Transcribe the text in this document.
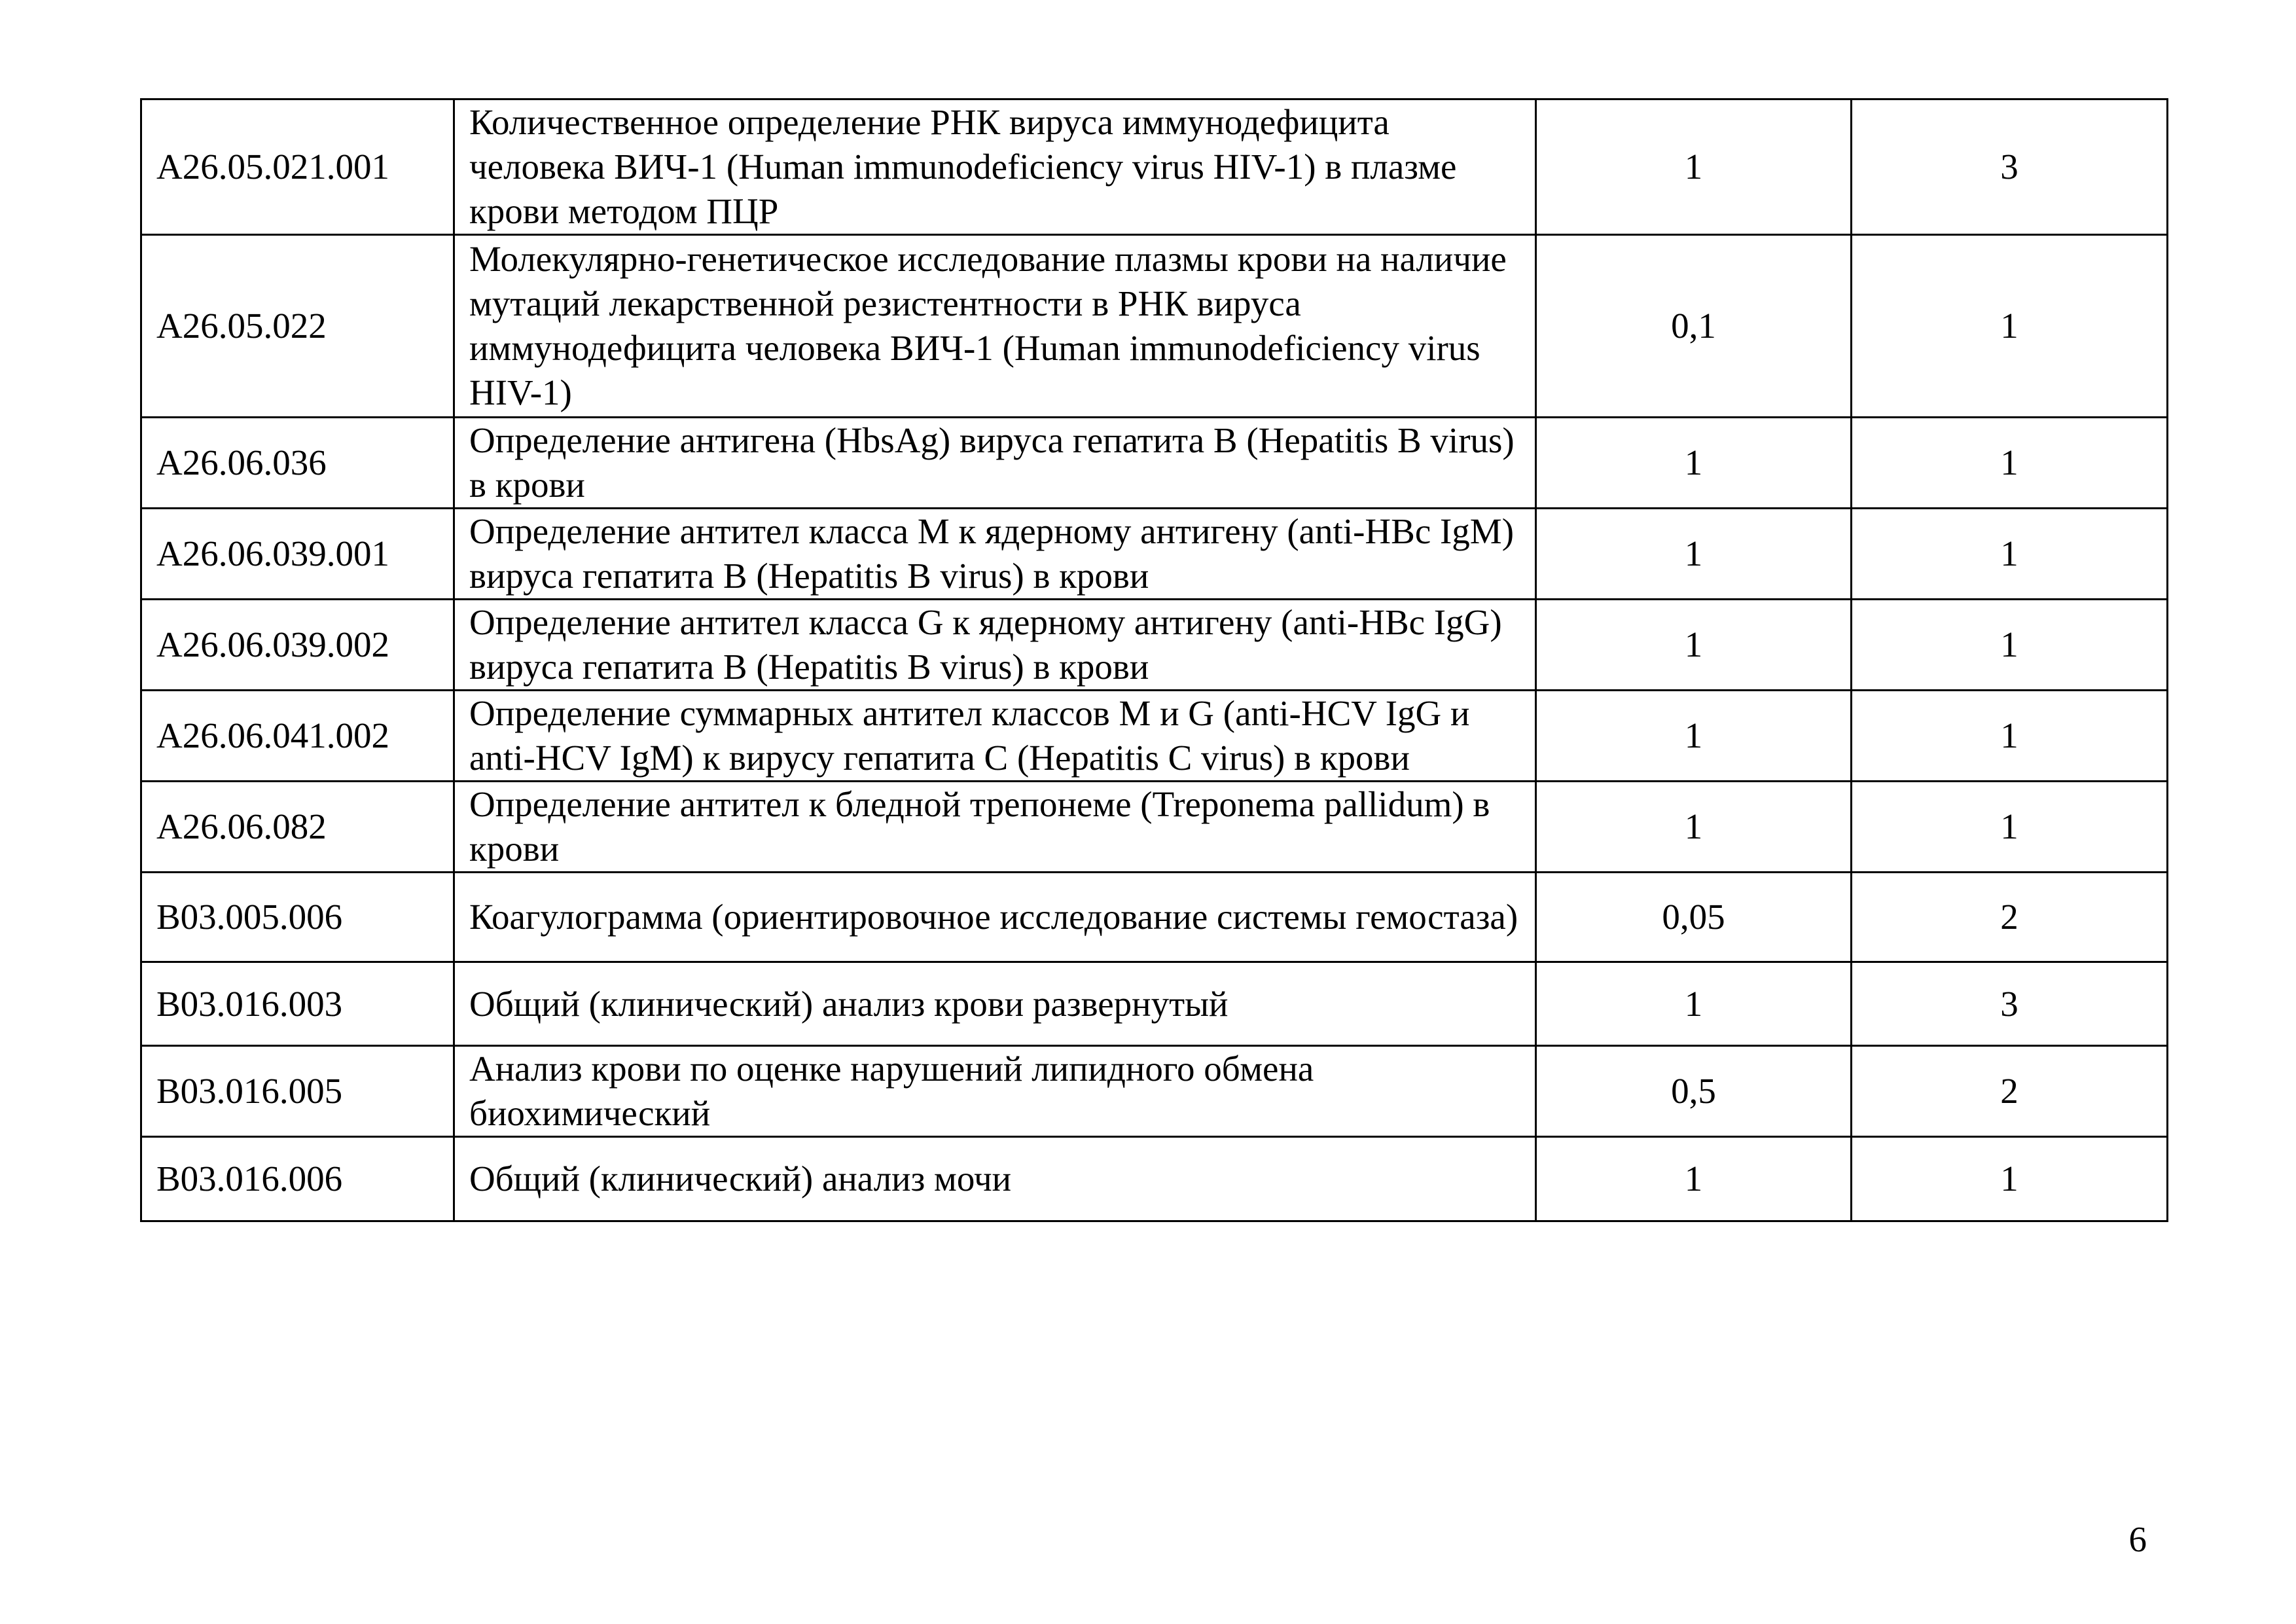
A26.05.021.001	Количественное определение РНК вируса иммунодефицита человека ВИЧ-1 (Human immunodeficiency virus HIV-1) в плазме крови методом ПЦР	1	3
A26.05.022	Молекулярно-генетическое исследование плазмы крови на наличие мутаций лекарственной резистентности в РНК вируса иммунодефицита человека ВИЧ-1 (Human immunodeficiency virus HIV-1)	0,1	1
A26.06.036	Определение антигена (HbsAg) вируса гепатита B (Hepatitis B virus) в крови	1	1
A26.06.039.001	Определение антител класса M к ядерному антигену (anti-HBc IgM) вируса гепатита B (Hepatitis B virus) в крови	1	1
A26.06.039.002	Определение антител класса G к ядерному антигену (anti-HBc IgG) вируса гепатита B (Hepatitis B virus) в крови	1	1
A26.06.041.002	Определение суммарных антител классов M и G (anti-HCV IgG и anti-HCV IgM) к вирусу гепатита C (Hepatitis C virus) в крови	1	1
A26.06.082	Определение антител к бледной трепонеме (Treponema pallidum) в крови	1	1
B03.005.006	Коагулограмма (ориентировочное исследование системы гемостаза)	0,05	2
B03.016.003	Общий (клинический) анализ крови развернутый	1	3
B03.016.005	Анализ крови по оценке нарушений липидного обмена биохимический	0,5	2
B03.016.006	Общий (клинический) анализ мочи	1	1
6
